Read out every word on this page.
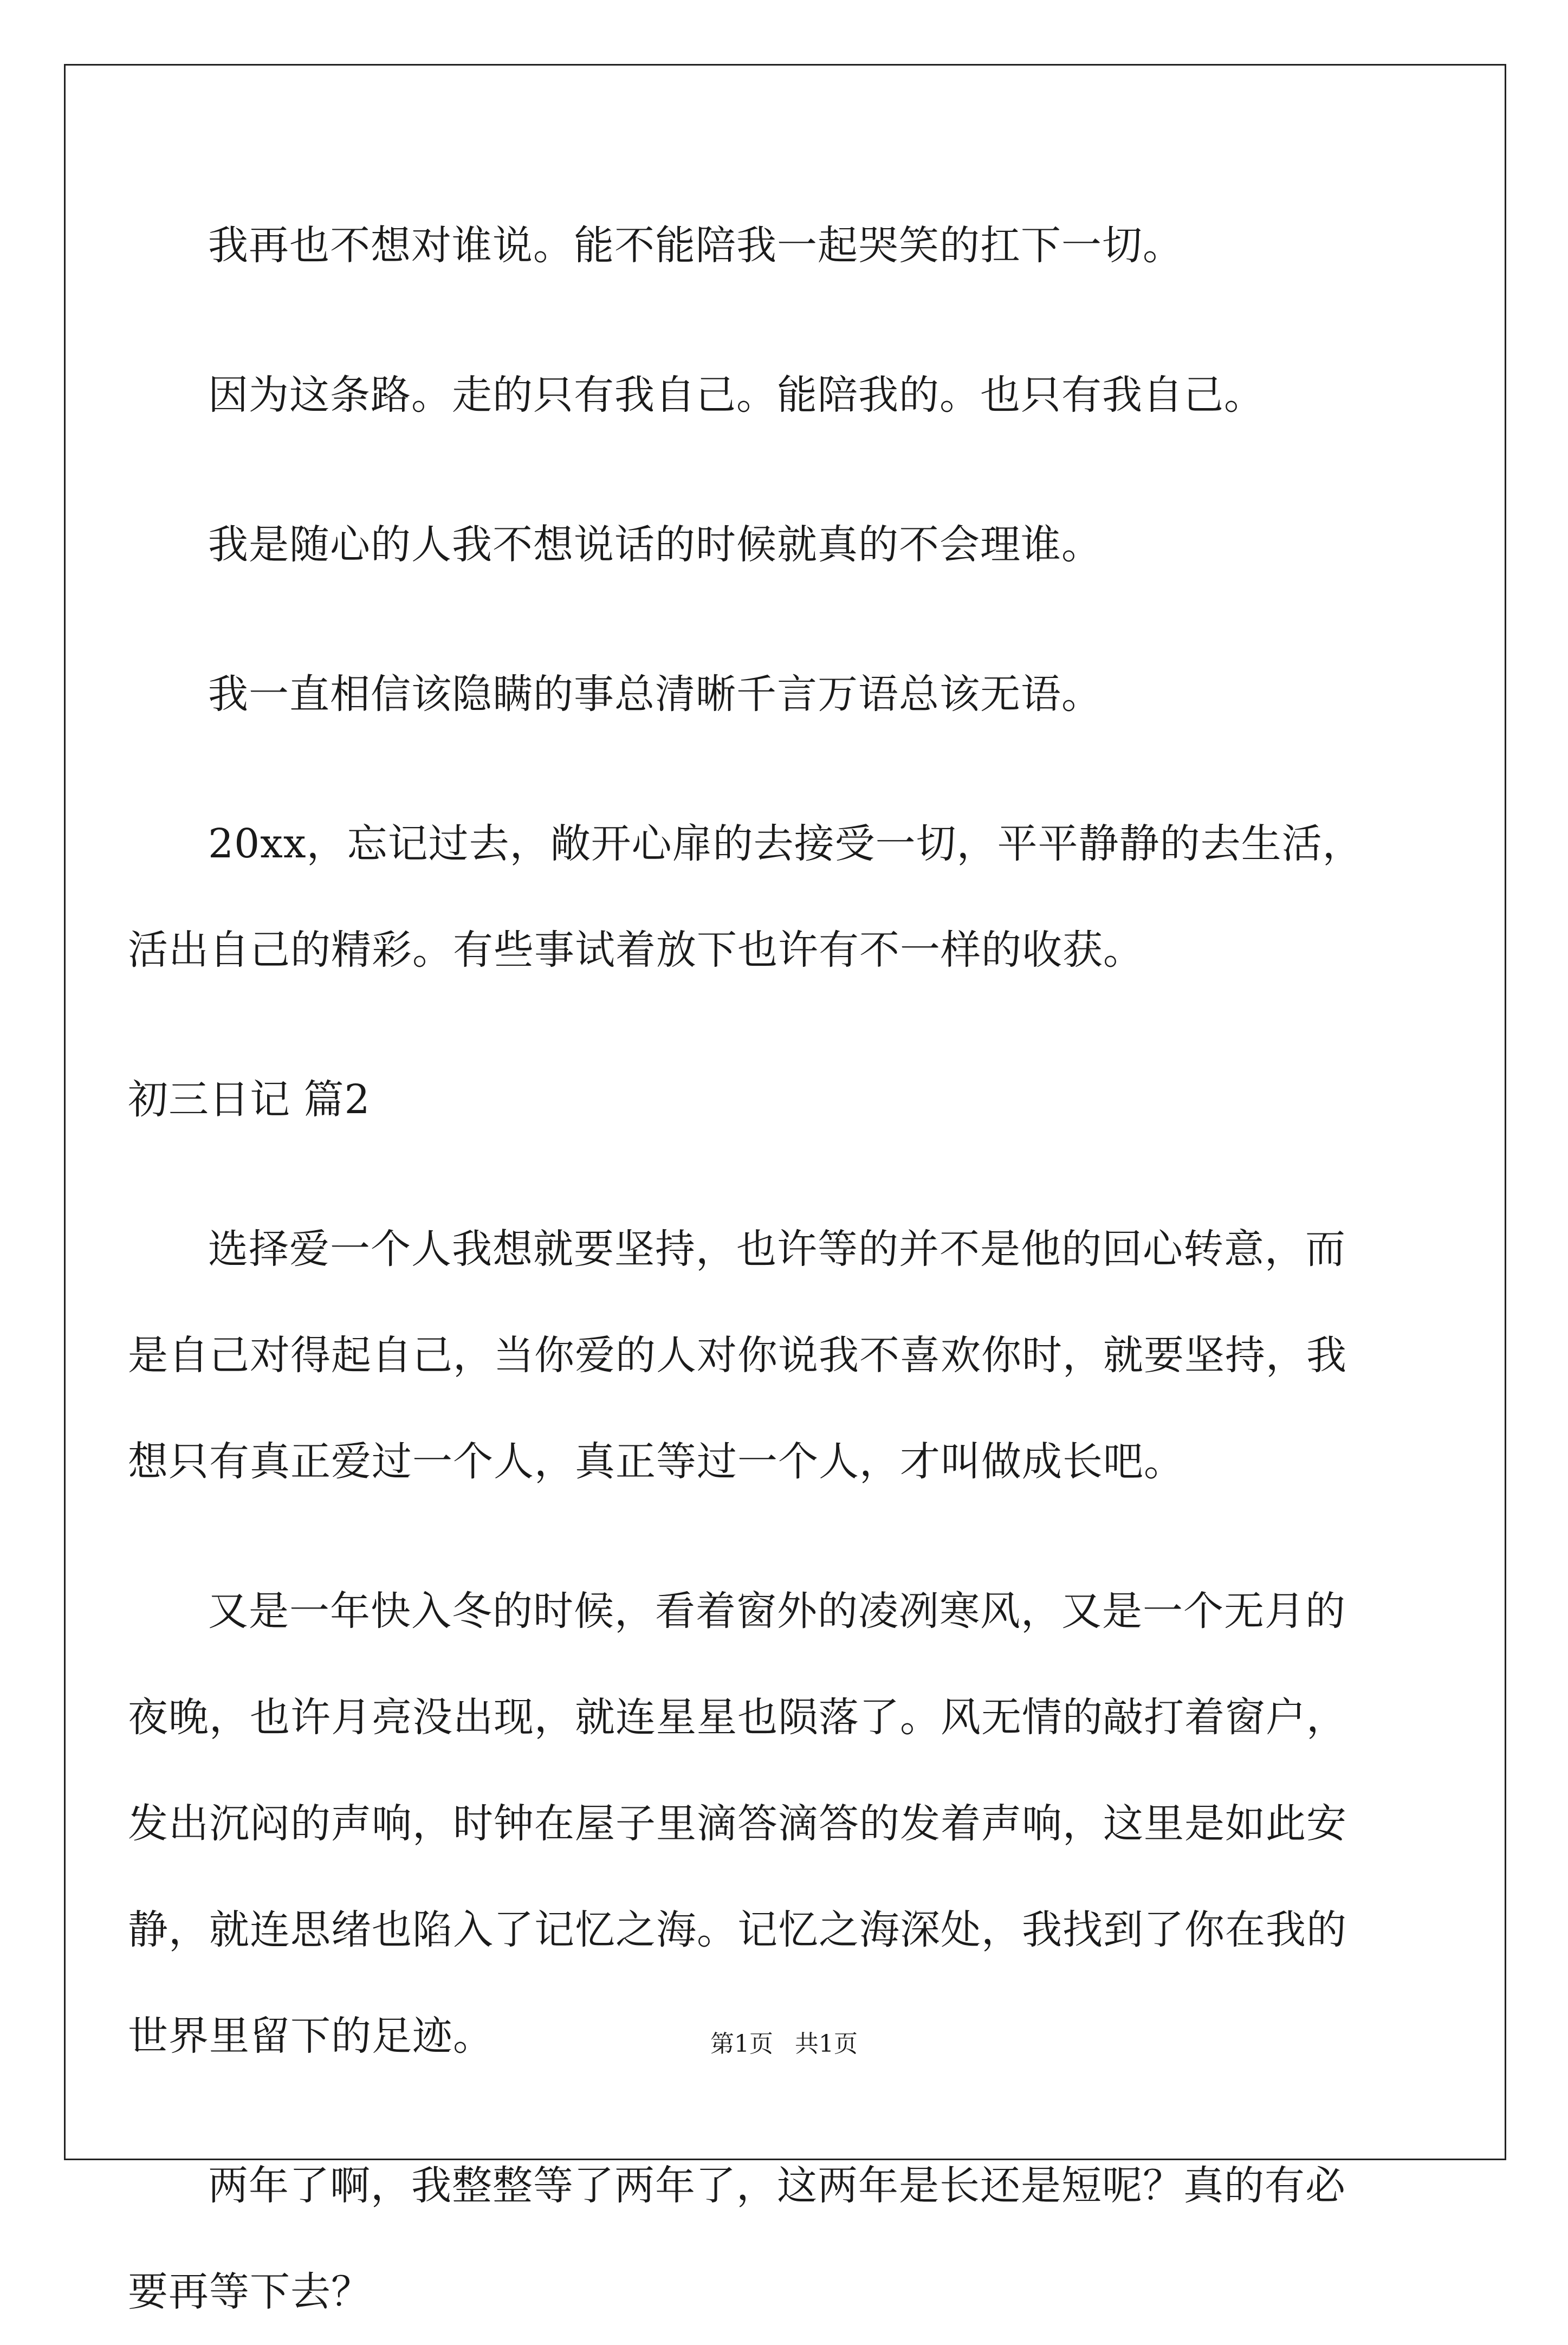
我再也不想对谁说。能不能陪我一起哭笑的扛下一切。

因为这条路。走的只有我自己。能陪我的。也只有我自己。

我是随心的人我不想说话的时候就真的不会理谁。

我一直相信该隐瞒的事总清晰千言万语总该无语。

20xx，忘记过去，敞开心扉的去接受一切，平平静静的去生活，活出自己的精彩。有些事试着放下也许有不一样的收获。

初三日记 篇2

选择爱一个人我想就要坚持，也许等的并不是他的回心转意，而是自己对得起自己，当你爱的人对你说我不喜欢你时，就要坚持，我想只有真正爱过一个人，真正等过一个人，才叫做成长吧。

又是一年快入冬的时候，看着窗外的凌冽寒风，又是一个无月的夜晚，也许月亮没出现，就连星星也陨落了。风无情的敲打着窗户，发出沉闷的声响，时钟在屋子里滴答滴答的发着声响，这里是如此安静，就连思绪也陷入了记忆之海。记忆之海深处，我找到了你在我的世界里留下的足迹。

两年了啊，我整整等了两年了，这两年是长还是短呢？真的有必要再等下去？

第1页 共1页
